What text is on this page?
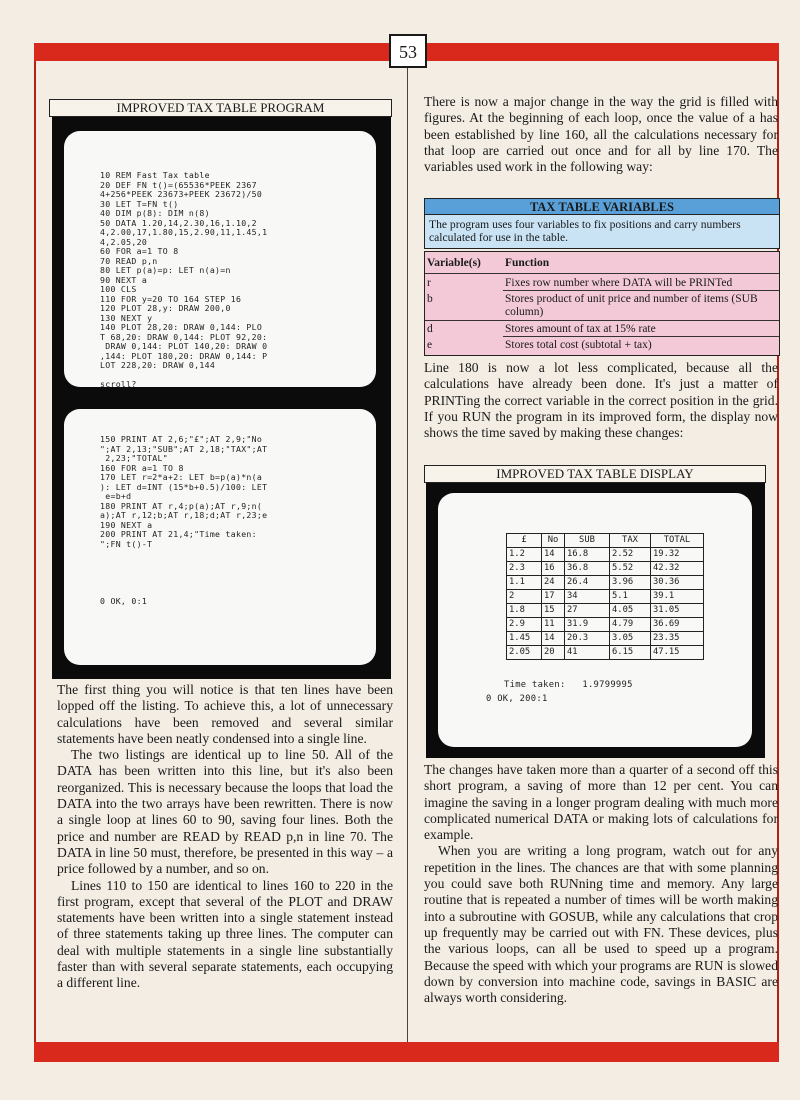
53
IMPROVED TAX TABLE PROGRAM
10 REM Fast Tax table
20 DEF FN t()=(65536*PEEK 2367
4+256*PEEK 23673+PEEK 23672)/50
30 LET T=FN t()
40 DIM p(8): DIM n(8)
50 DATA 1.20,14,2.30,16,1.10,2
4,2.00,17,1.80,15,2.90,11,1.45,1
4,2.05,20
60 FOR a=1 TO 8
70 READ p,n
80 LET p(a)=p: LET n(a)=n
90 NEXT a
100 CLS
110 FOR y=20 TO 164 STEP 16
120 PLOT 28,y: DRAW 200,0
130 NEXT y
140 PLOT 28,20: DRAW 0,144: PLO
T 68,20: DRAW 0,144: PLOT 92,20:
DRAW 0,144: PLOT 140,20: DRAW 0
,144: PLOT 180,20: DRAW 0,144: P
LOT 228,20: DRAW 0,144
scroll?
150 PRINT AT 2,6;"£";AT 2,9;"No
";AT 2,13;"SUB";AT 2,18;"TAX";AT
2,23;"TOTAL"
160 FOR a=1 TO 8
170 LET r=2*a+2: LET b=p(a)*n(a
): LET d=INT (15*b+0.5)/100: LET
e=b+d
180 PRINT AT r,4;p(a);AT r,9;n(
a);AT r,12;b;AT r,18;d;AT r,23;e
190 NEXT a
200 PRINT AT 21,4;"Time taken:
";FN t()-T
0 OK, 0:1

The first thing you will notice is that ten lines have been lopped off the listing. To achieve this, a lot of unnecessary calculations have been removed and several similar statements have been neatly condensed into a single line.

The two listings are identical up to line 50. All of the DATA has been written into this line, but it's also been reorganized. This is necessary because the loops that load the DATA into the two arrays have been rewritten. There is now a single loop at lines 60 to 90, saving four lines. Both the price and number are READ by READ p,n in line 70. The DATA in line 50 must, therefore, be presented in this way – a price followed by a number, and so on.

Lines 110 to 150 are identical to lines 160 to 220 in the first program, except that several of the PLOT and DRAW statements have been written into a single statement instead of three statements taking up three lines. The computer can deal with multiple statements in a single line substantially faster than with several separate statements, each occupying a different line.

There is now a major change in the way the grid is filled with figures. At the beginning of each loop, once the value of a has been established by line 160, all the calculations necessary for that loop are carried out once and for all by line 170. The variables used work in the following way:

TAX TABLE VARIABLES
The program uses four variables to fix positions and carry numbers calculated for use in the table.
Variable(s) Function
r	Fixes row number where DATA will be PRINTed
b	Stores product of unit price and number of items (SUB column)
d	Stores amount of tax at 15% rate
e	Stores total cost (subtotal + tax)

Line 180 is now a lot less complicated, because all the calculations have already been done. It's just a matter of PRINTing the correct variable in the correct position in the grid. If you RUN the program in its improved form, the display now shows the time saved by making these changes:

IMPROVED TAX TABLE DISPLAY
£	No	SUB	TAX	TOTAL
1.2	14	16.8	2.52	19.32
2.3	16	36.8	5.52	42.32
1.1	24	26.4	3.96	30.36
2	17	34	5.1	39.1
1.8	15	27	4.05	31.05
2.9	11	31.9	4.79	36.69
1.45	14	20.3	3.05	23.35
2.05	20	41	6.15	47.15
Time taken: 1.9799995
0 OK, 200:1

The changes have taken more than a quarter of a second off this short program, a saving of more than 12 per cent. You can imagine the saving in a longer program dealing with much more complicated numerical DATA or making lots of calculations for example.

When you are writing a long program, watch out for any repetition in the lines. The chances are that with some planning you could save both RUNning time and memory. Any large routine that is repeated a number of times will be worth making into a subroutine with GOSUB, while any calculations that crop up frequently may be carried out with FN. These devices, plus the various loops, can all be used to speed up a program. Because the speed with which your programs are RUN is slowed down by conversion into machine code, savings in BASIC are always worth considering.
